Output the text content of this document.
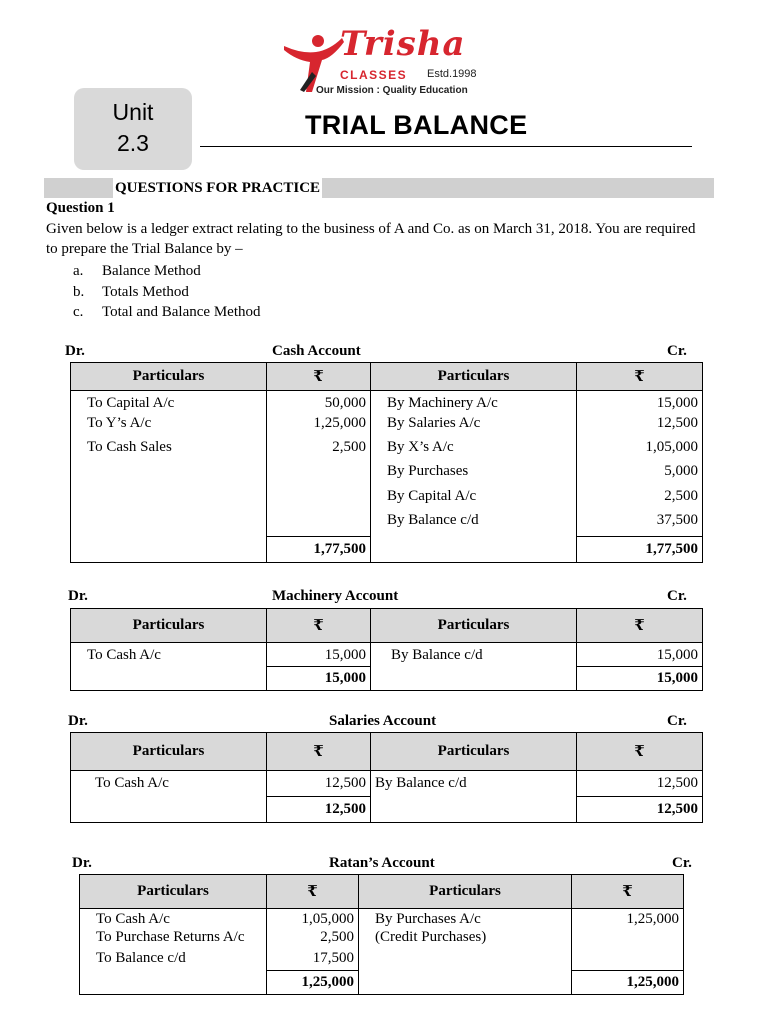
Trisha
CLASSES Estd.1998
Our Mission : Quality Education
Unit
2.3
TRIAL BALANCE
QUESTIONS FOR PRACTICE
Question 1
Given below is a ledger extract relating to the business of A and Co. as on March 31, 2018. You are required to prepare the Trial Balance by –
a. Balance Method
b. Totals Method
c. Total and Balance Method
Dr.	Cash Account	Cr.
Particulars	₹	Particulars	₹
To Capital A/c	50,000	By Machinery A/c	15,000
To Y’s A/c	1,25,000	By Salaries A/c	12,500
To Cash Sales	2,500	By X’s A/c	1,05,000
		By Purchases	5,000
		By Capital A/c	2,500
		By Balance c/d	37,500
	1,77,500		1,77,500
Dr.	Machinery Account	Cr.
Particulars	₹	Particulars	₹
To Cash A/c	15,000	By Balance c/d	15,000
	15,000		15,000
Dr.	Salaries Account	Cr.
Particulars	₹	Particulars	₹
To Cash A/c	12,500	By Balance c/d	12,500
	12,500		12,500
Dr.	Ratan’s Account	Cr.
Particulars	₹	Particulars	₹
To Cash A/c	1,05,000	By Purchases A/c	1,25,000
To Purchase Returns A/c	2,500	(Credit Purchases)	
To Balance c/d	17,500		
	1,25,000		1,25,000
